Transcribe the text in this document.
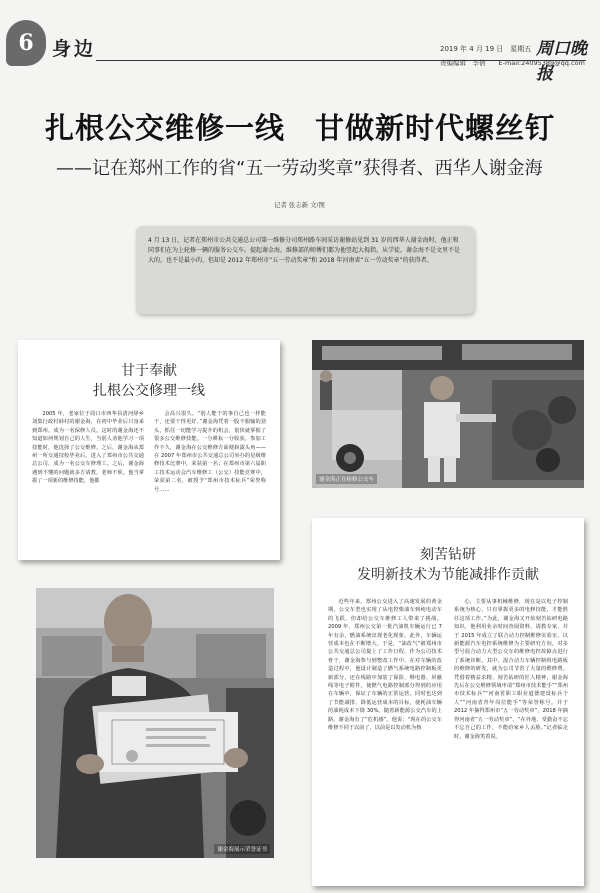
6 身边	2019 年 4 月 19 日　星期五 周口晚报
责编编辑　李倩　　E-mail:24095389@qq.com
扎根公交维修一线　甘做新时代螺丝钉
——记在郑州工作的省“五一劳动奖章”获得者、西华人谢金海
记者 张志新 文/图
4 月 13 日，记者在郑州市公共交通总公司第一维修分司郑州路车间采访谢修站见到 31 岁的西华人谢金海时，他正和同事们在为上轮修一辆的服务公交车。提起谢金海，维修部的师傅们都为他竖起大拇指。从学徒，谢金海不是文里不是大的，也不是最小的，但却是 2012 年郑州市“五一劳动奖章”和 2018 年河南省“五一劳动奖章”的获得者。
甘于奉献
扎根公交修理一线

2005 年，老家位于周口市西华县清河驿乡刘集行政村薛村的谢金海，在初中毕业后只身来到郑州。成为一名保修人员。这时的谢金海还不知道如何规划自己的人生，当别人劝他学习一项技能时，他选择了公交维修。之后，谢金海从郑州一所交通技校毕业后，进入了郑州市公共交通总公司，成为一名公交车修理工。之后，谢金海遇到不懂的问题就多方请教，老师不烦。他当掌握了一项新的维修技能，他都

会高兴很久。“别人能干的事自己也一样能干，还要干得更好。”谢金海凭着一股不服输的劲头，抓住一切能学习提升的机会，很快就掌握了很多公交维修技能。一分耕耘一分收获。参加工作不久，谢金海在公交维修方面便崭露头角——在 2007 年郑州市公共交通总公司举办的星级维修技术比赛中，荣获第一名；在郑州市第六届职工技术运动会汽车维修工（公交）技能竞赛中，荣获第二名，被授予“郑州市技术标兵”荣誉称号……

谢金海正在检修公交车
刻苦钻研
发明新技术为节能减排作贡献

近些年来，郑州公交进入了高速发展的黄金期，公交车型也实现了从电控柴油车到纯电动车的飞跃，但却给公交车维修工人带来了挑战。2009 年，郑州公交第一批汽油机车辆运行已 7 年有余，燃油系统出现老化现象，此外，车辆运营成本也在不断增大。于是，“油改气”被郑州市公共交通总公司提上了工作日程。作为公司技术骨干，谢金海参与到整改工作中。在对车辆的改造过程中，他设计制造了燃气系统电路控制板更新部分，还在线路中加装了保险、继电器、屏蔽线等电子附件，使燃气电路控制部分得到的应用在车辆中，保证了车辆的正常运营，同时也达到了节能减排、降低运营成本的目标，使耗油车辆的油耗成本下降 30%。随着新能源公交汽车的上路，谢金海有了“危机感”。他说：“现在的公交车维修不同于以前了，以前是以发动机为核

心，主要从事机械维修，现在是以电子控制系统为核心，只有掌握更多的电修技能，才能胜任这项工作。”为此，谢金海又开始刻苦钻研电路知识，他利用业余时间查阅资料、请教专家，并于 2015 年成立了联合动力控制维修实验室，以新能源汽车电控系统维修为主要研究方向，对多型号混合动力大型公交车的维修电控故障点进行了系统诊断。其中，混合动力车辆控制组电路板的维修的研发，就为公司节省了大量的维修费。凭借着精益求精、刻苦钻研的匠人精神，谢金海先后在公交维修领域申请“郑州市技术能手”“郑州市技术标兵”“河南省职工职业道德建设标兵个人”“河南省青年岗位能手”等荣誉称号。并于 2012 年摘得郑州市“五一劳动奖章”，2018 年摘得河南省“五一劳动奖章”。“在外地，受勤奋不忘不忘自己的工作，不能给家乡人丢脸。”记者临走时，谢金海笑着说。

谢金海展示荣誉证书
